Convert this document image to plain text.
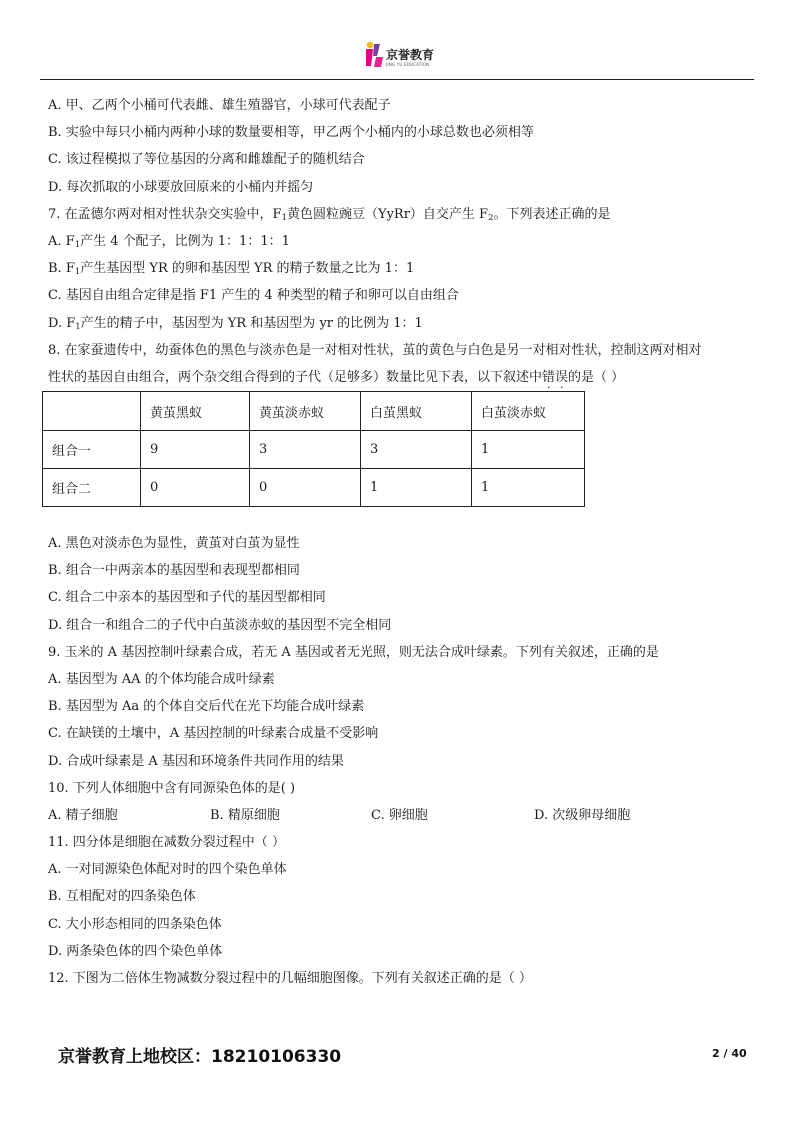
京誉教育
JING YU EDUCATION
A. 甲、乙两个小桶可代表雌、雄生殖器官，小球可代表配子
B. 实验中每只小桶内两种小球的数量要相等，甲乙两个小桶内的小球总数也必须相等
C. 该过程模拟了等位基因的分离和雌雄配子的随机结合
D. 每次抓取的小球要放回原来的小桶内并摇匀
7. 在孟德尔两对相对性状杂交实验中，$F_1$黄色圆粒豌豆（YyRr）自交产生 $F_2$。下列表述正确的是
A. $F_1$产生 4 个配子，比例为 1：1：1：1
B. $F_1$产生基因型 YR 的卵和基因型 YR 的精子数量之比为 1：1
C. 基因自由组合定律是指 F1 产生的 4 种类型的精子和卵可以自由组合
D. $F_1$产生的精子中，基因型为 YR 和基因型为 yr 的比例为 1：1
8. 在家蚕遗传中，幼蚕体色的黑色与淡赤色是一对相对性状，茧的黄色与白色是另一对相对性状，控制这两对相对
性状的基因自由组合，两个杂交组合得到的子代（足够多）数量比见下表，以下叙述中错误的是（ ）
	黄茧黑蚁	黄茧淡赤蚁	白茧黑蚁	白茧淡赤蚁
组合一	9	3	3	1
组合二	0	0	1	1
A. 黑色对淡赤色为显性，黄茧对白茧为显性
B. 组合一中两亲本的基因型和表现型都相同
C. 组合二中亲本的基因型和子代的基因型都相同
D. 组合一和组合二的子代中白茧淡赤蚁的基因型不完全相同
9. 玉米的 A 基因控制叶绿素合成，若无 A 基因或者无光照，则无法合成叶绿素。下列有关叙述，正确的是
A. 基因型为 AA 的个体均能合成叶绿素
B. 基因型为 Aa 的个体自交后代在光下均能合成叶绿素
C. 在缺镁的土壤中，A 基因控制的叶绿素合成量不受影响
D. 合成叶绿素是 A 基因和环境条件共同作用的结果
10. 下列人体细胞中含有同源染色体的是( )
A. 精子细胞	B. 精原细胞	C. 卵细胞	D. 次级卵母细胞
11. 四分体是细胞在减数分裂过程中（ ）
A. 一对同源染色体配对时的四个染色单体
B. 互相配对的四条染色体
C. 大小形态相同的四条染色体
D. 两条染色体的四个染色单体
12. 下图为二倍体生物减数分裂过程中的几幅细胞图像。下列有关叙述正确的是（ ）
京誉教育上地校区：18210106330	2 / 40
